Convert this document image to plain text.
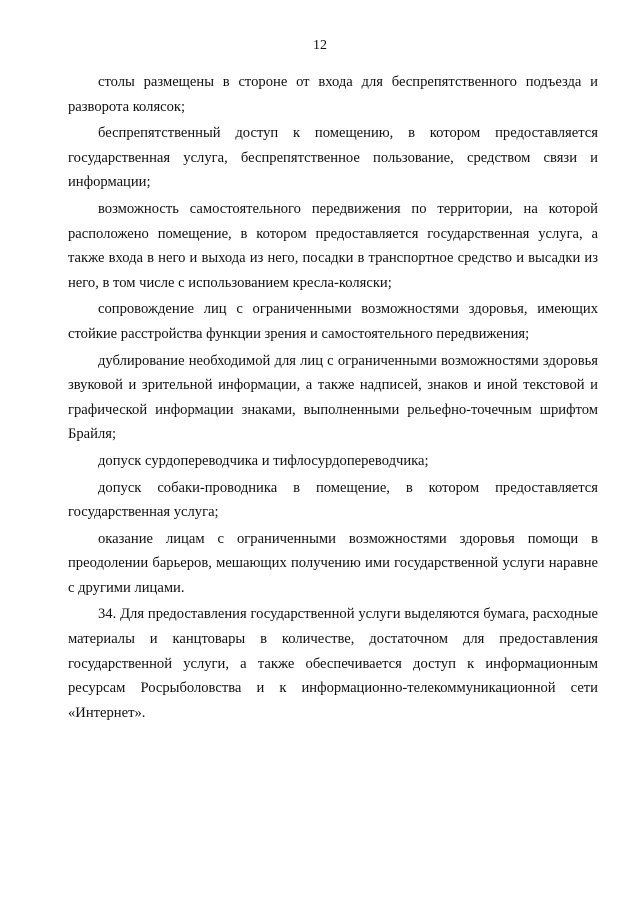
12

столы размещены в стороне от входа для беспрепятственного подъезда и разворота колясок;

беспрепятственный доступ к помещению, в котором предоставляется государственная услуга, беспрепятственное пользование, средством связи и информации;

возможность самостоятельного передвижения по территории, на которой расположено помещение, в котором предоставляется государственная услуга, а также входа в него и выхода из него, посадки в транспортное средство и высадки из него, в том числе с использованием кресла-коляски;

сопровождение лиц с ограниченными возможностями здоровья, имеющих стойкие расстройства функции зрения и самостоятельного передвижения;

дублирование необходимой для лиц с ограниченными возможностями здоровья звуковой и зрительной информации, а также надписей, знаков и иной текстовой и графической информации знаками, выполненными рельефно-точечным шрифтом Брайля;

допуск сурдопереводчика и тифлосурдопереводчика;

допуск собаки-проводника в помещение, в котором предоставляется государственная услуга;

оказание лицам с ограниченными возможностями здоровья помощи в преодолении барьеров, мешающих получению ими государственной услуги наравне с другими лицами.

34. Для предоставления государственной услуги выделяются бумага, расходные материалы и канцтовары в количестве, достаточном для предоставления государственной услуги, а также обеспечивается доступ к информационным ресурсам Росрыболовства и к информационно-телекоммуникационной сети «Интернет».
